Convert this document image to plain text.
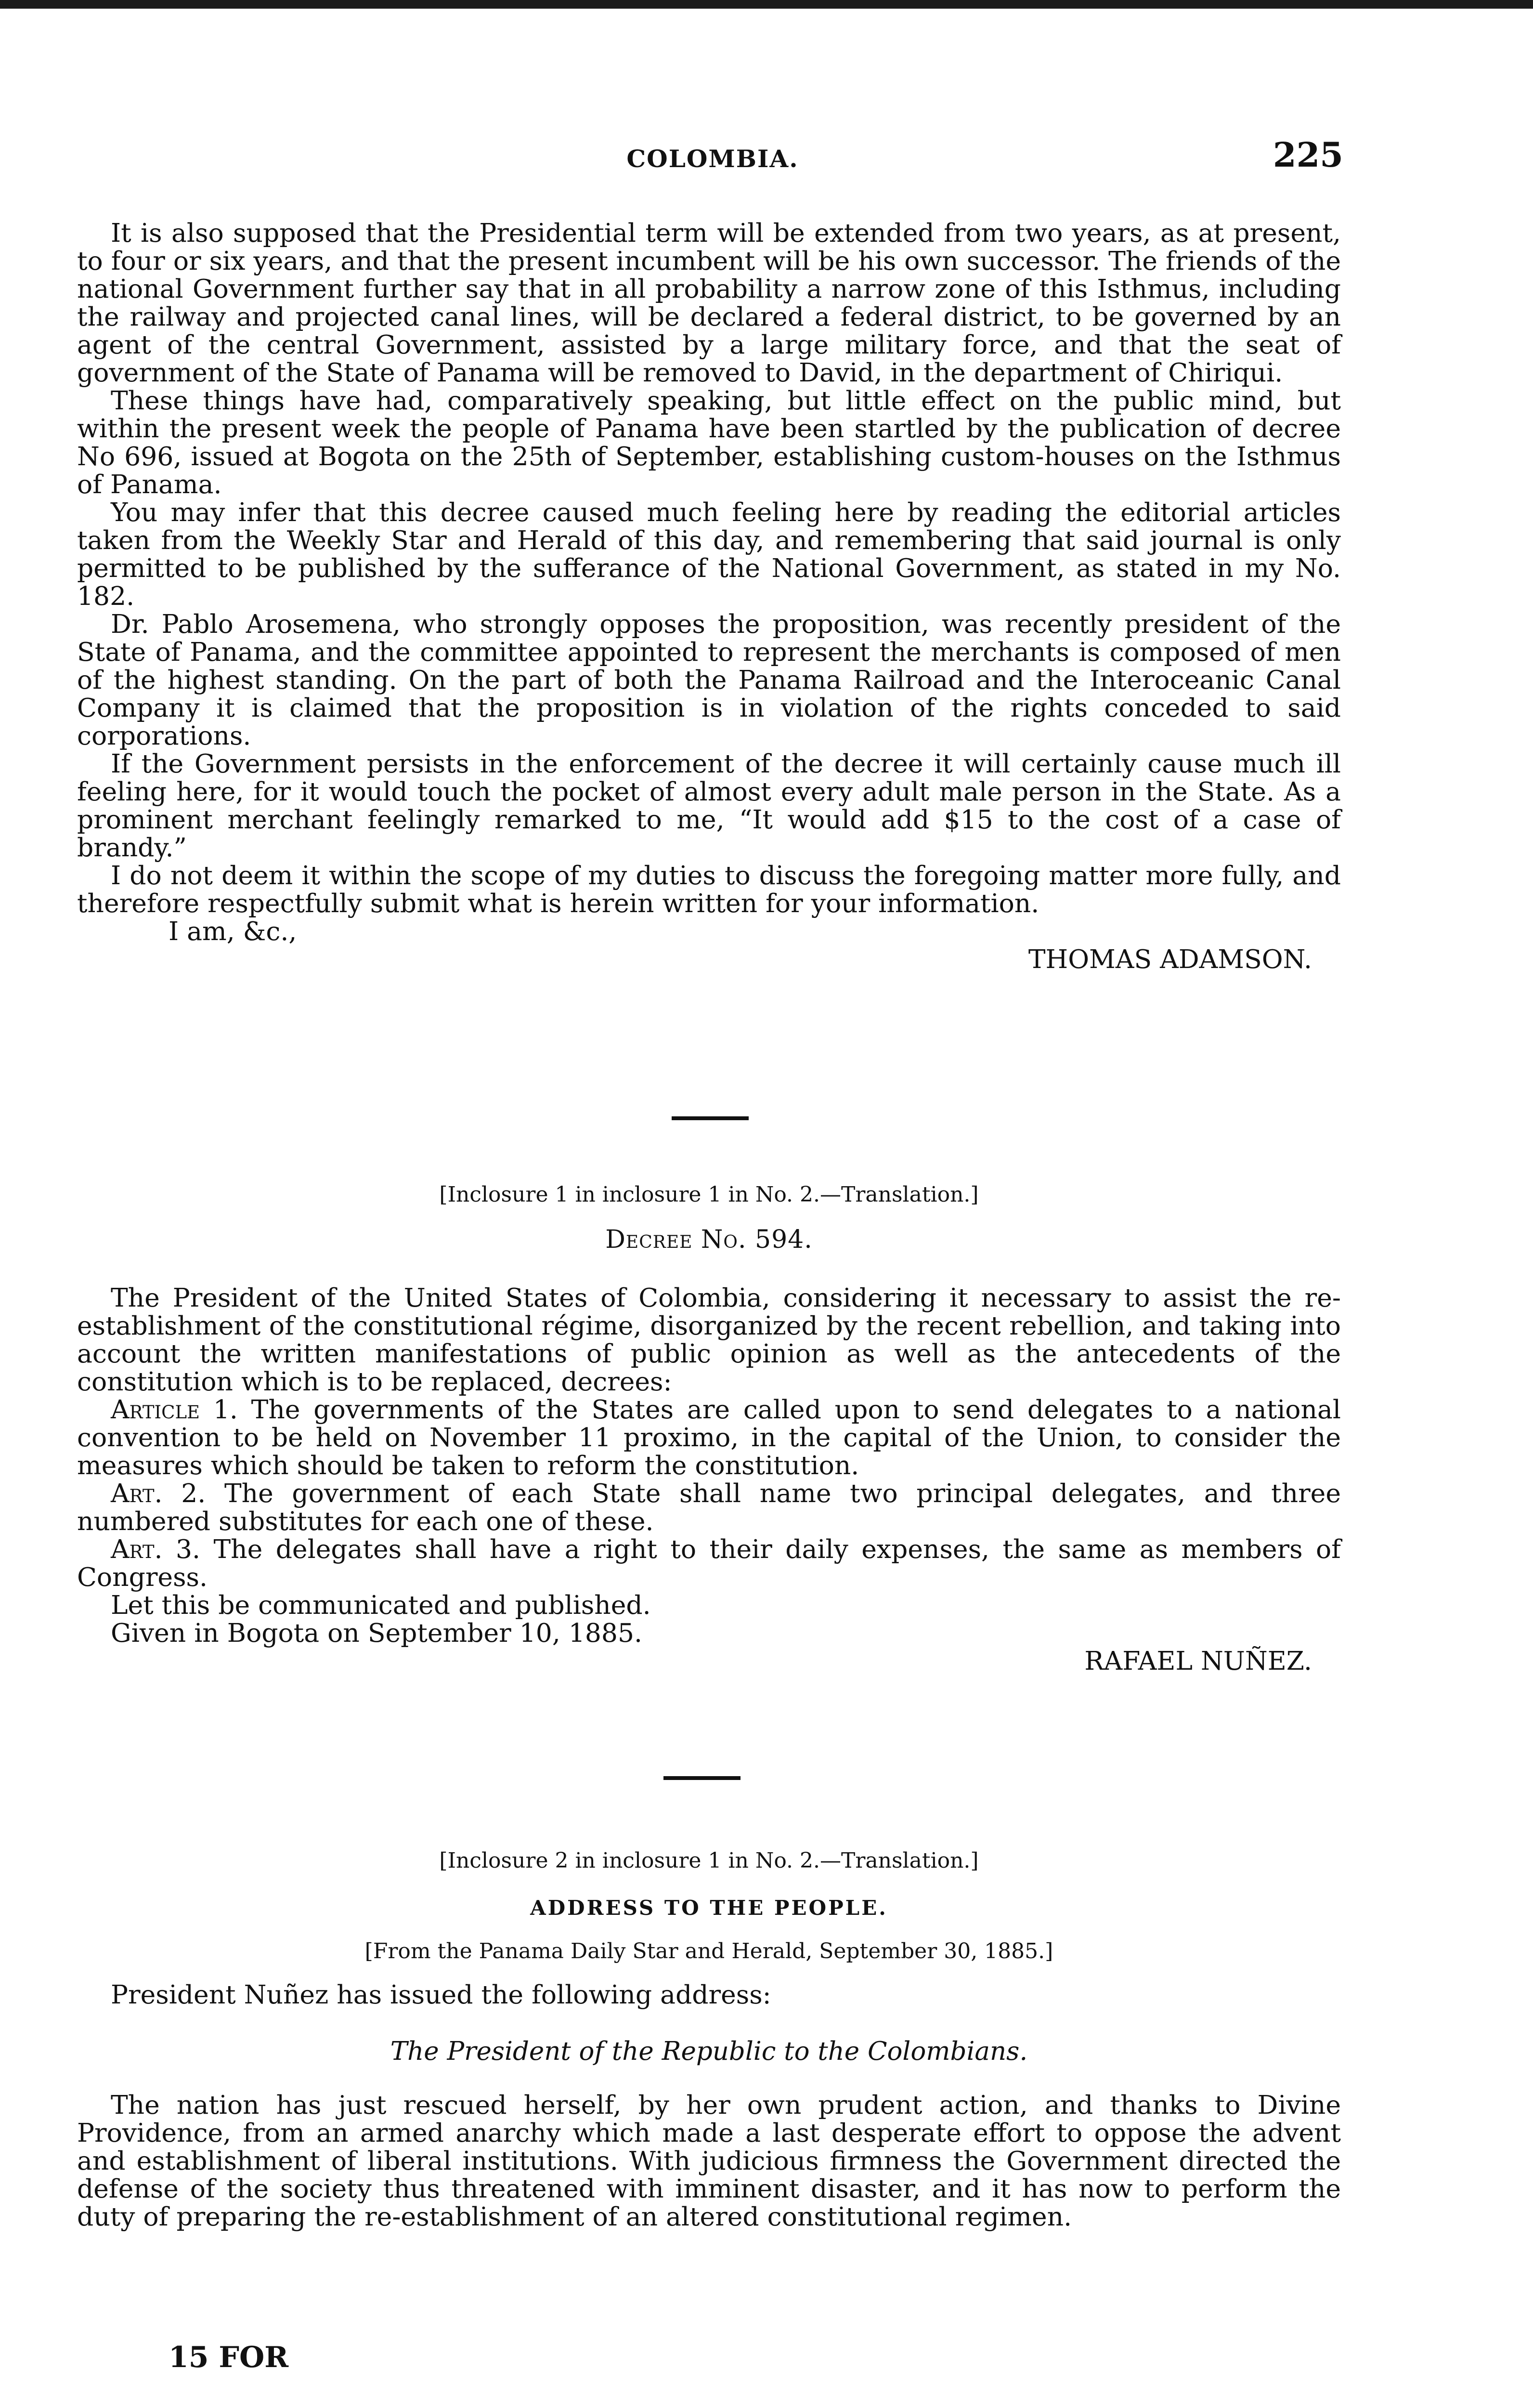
COLOMBIA.	225

It is also supposed that the Presidential term will be extended from two years, as at present, to four or six years, and that the present incumbent will be his own successor. The friends of the national Government further say that in all probability a narrow zone of this Isthmus, including the railway and projected canal lines, will be declared a federal district, to be governed by an agent of the central Government, assisted by a large military force, and that the seat of government of the State of Panama will be removed to David, in the department of Chiriqui.

These things have had, comparatively speaking, but little effect on the public mind, but within the present week the people of Panama have been startled by the publication of decree No 696, issued at Bogota on the 25th of September, establishing custom-houses on the Isthmus of Panama.

You may infer that this decree caused much feeling here by reading the editorial articles taken from the Weekly Star and Herald of this day, and remembering that said journal is only permitted to be published by the sufferance of the National Government, as stated in my No. 182.

Dr. Pablo Arosemena, who strongly opposes the proposition, was recently president of the State of Panama, and the committee appointed to represent the merchants is composed of men of the highest standing. On the part of both the Panama Railroad and the Interoceanic Canal Company it is claimed that the proposition is in violation of the rights conceded to said corporations.

If the Government persists in the enforcement of the decree it will certainly cause much ill feeling here, for it would touch the pocket of almost every adult male person in the State. As a prominent merchant feelingly remarked to me, “It would add $15 to the cost of a case of brandy.”

I do not deem it within the scope of my duties to discuss the foregoing matter more fully, and therefore respectfully submit what is herein written for your information.

I am, &c.,

THOMAS ADAMSON.
[Inclosure 1 in inclosure 1 in No. 2.—Translation.]
Decree No. 594.

The President of the United States of Colombia, considering it necessary to assist the re-establishment of the constitutional régime, disorganized by the recent rebellion, and taking into account the written manifestations of public opinion as well as the antecedents of the constitution which is to be replaced, decrees:

Article 1. The governments of the States are called upon to send delegates to a national convention to be held on November 11 proximo, in the capital of the Union, to consider the measures which should be taken to reform the constitution.

Art. 2. The government of each State shall name two principal delegates, and three numbered substitutes for each one of these.

Art. 3. The delegates shall have a right to their daily expenses, the same as members of Congress.

Let this be communicated and published.

Given in Bogota on September 10, 1885.

RAFAEL NUÑEZ.
[Inclosure 2 in inclosure 1 in No. 2.—Translation.]
ADDRESS TO THE PEOPLE.
[From the Panama Daily Star and Herald, September 30, 1885.]

President Nuñez has issued the following address:

The President of the Republic to the Colombians.

The nation has just rescued herself, by her own prudent action, and thanks to Divine Providence, from an armed anarchy which made a last desperate effort to oppose the advent and establishment of liberal institutions. With judicious firmness the Government directed the defense of the society thus threatened with imminent disaster, and it has now to perform the duty of preparing the re-establishment of an altered constitutional regimen.

15 FOR
